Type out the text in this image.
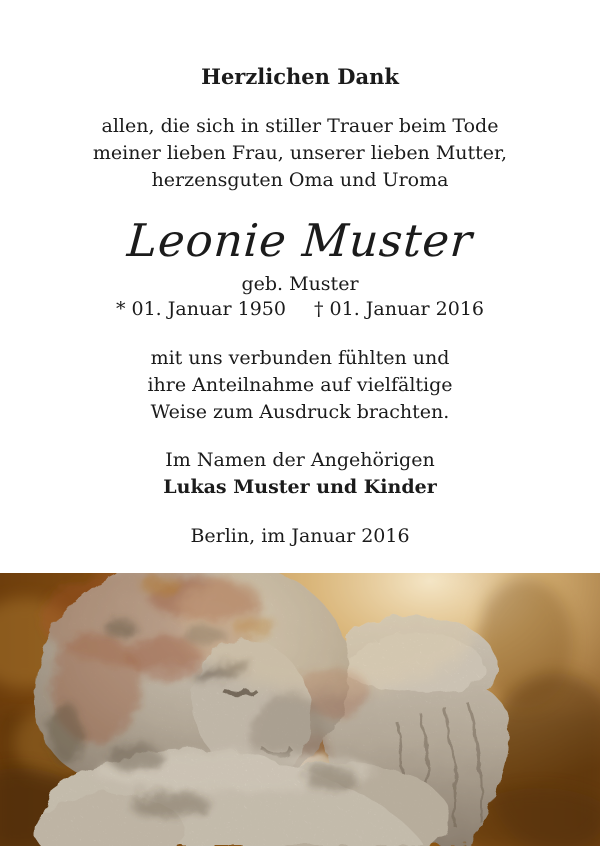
Herzlichen Dank

allen, die sich in stiller Trauer beim Tode
meiner lieben Frau, unserer lieben Mutter,
herzensguten Oma und Uroma

Leonie Muster
geb. Muster
* 01. Januar 1950 † 01. Januar 2016

mit uns verbunden fühlten und
ihre Anteilnahme auf vielfältige
Weise zum Ausdruck brachten.

Im Namen der Angehörigen
Lukas Muster und Kinder

Berlin, im Januar 2016
